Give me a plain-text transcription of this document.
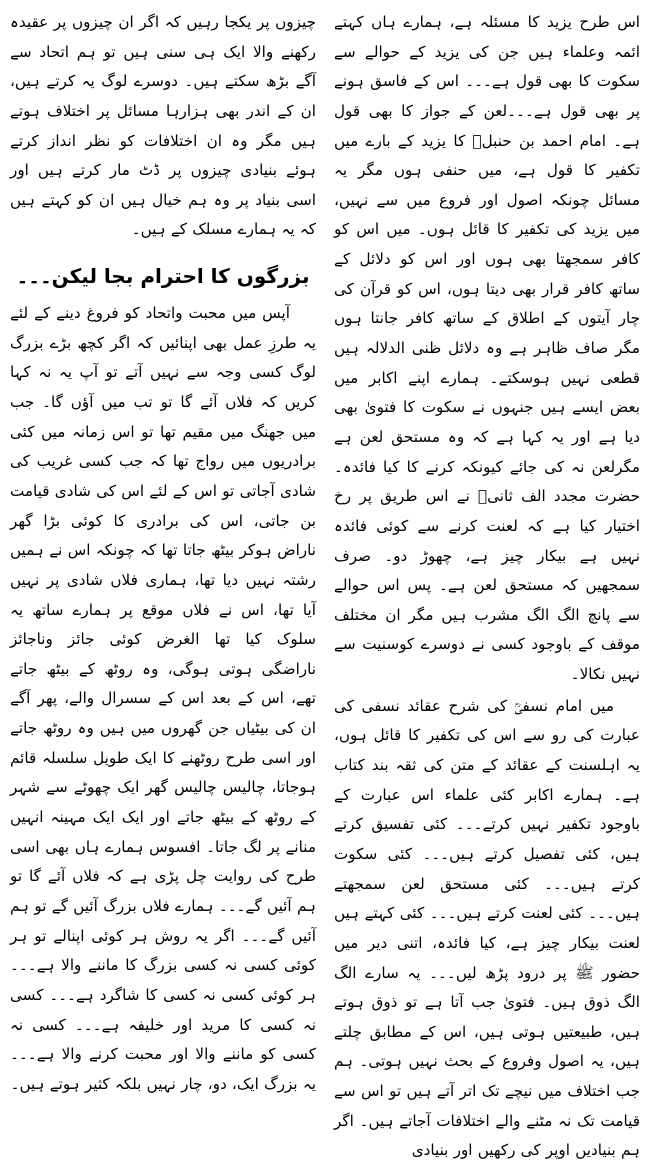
اس طرح یزید کا مسئلہ ہے، ہمارے ہاں کہتے ائمہ وعلماء ہیں جن کی یزید کے حوالے سے سکوت کا بھی قول ہے۔۔۔ اس کے فاسق ہونے پر بھی قول ہے۔۔۔لعن کے جواز کا بھی قول ہے۔ امام احمد بن حنبلؒ کا یزید کے بارے میں تکفیر کا قول ہے، میں حنفی ہوں مگر یہ مسائل چونکہ اصول اور فروع میں سے نہیں، میں یزید کی تکفیر کا قائل ہوں۔ میں اس کو کافر سمجھتا بھی ہوں اور اس کو دلائل کے ساتھ کافر قرار بھی دیتا ہوں، اس کو قرآن کی چار آیتوں کے اطلاق کے ساتھ کافر جانتا ہوں مگر صاف ظاہر ہے وہ دلائل ظنی الدلالہ ہیں قطعی نہیں ہوسکتے۔ ہمارے اپنے اکابر میں بعض ایسے ہیں جنہوں نے سکوت کا فتویٰ بھی دیا ہے اور یہ کہا ہے کہ وہ مستحق لعن ہے مگرلعن نہ کی جائے کیونکہ کرنے کا کیا فائدہ۔ حضرت مجدد الف ثانیؒ نے اس طریق پر رخ اختیار کیا ہے کہ لعنت کرنے سے کوئی فائدہ نہیں ہے بیکار چیز ہے، چھوڑ دو۔ صرف سمجھیں کہ مستحق لعن ہے۔ پس اس حوالے سے پانچ الگ الگ مشرب ہیں مگر ان مختلف موقف کے باوجود کسی نے دوسرے کوسنیت سے نہیں نکالا۔

میں امام نسفیؒ کی شرح عقائد نسفی کی عبارت کی رو سے اس کی تکفیر کا قائل ہوں، یہ اہلسنت کے عقائد کے متن کی ثقہ بند کتاب ہے۔ ہمارے اکابر کئی علماء اس عبارت کے باوجود تکفیر نہیں کرتے۔۔۔ کئی تفسیق کرتے ہیں، کئی تفصیل کرتے ہیں۔۔۔ کئی سکوت کرتے ہیں۔۔۔ کئی مستحق لعن سمجھتے ہیں۔۔۔ کئی لعنت کرتے ہیں۔۔۔ کئی کہتے ہیں لعنت بیکار چیز ہے، کیا فائدہ، اتنی دیر میں حضور ﷺ پر درود پڑھ لیں۔۔۔ یہ سارے الگ الگ ذوق ہیں۔ فتویٰ جب آتا ہے تو ذوق ہوتے ہیں، طبیعتیں ہوتی ہیں، اس کے مطابق چلتے ہیں، یہ اصول وفروع کے بحث نہیں ہوتی۔ ہم جب اختلاف میں نیچے تک اتر آتے ہیں تو اس سے قیامت تک نہ مٹنے والے اختلافات آجاتے ہیں۔ اگر ہم بنیادیں اوپر کی رکھیں اور بنیادی

چیزوں پر یکجا رہیں کہ اگر ان چیزوں پر عقیدہ رکھنے والا ایک ہی سنی ہیں تو ہم اتحاد سے آگے بڑھ سکتے ہیں۔ دوسرے لوگ یہ کرتے ہیں، ان کے اندر بھی ہزارہا مسائل پر اختلاف ہوتے ہیں مگر وہ ان اختلافات کو نظر انداز کرتے ہوئے بنیادی چیزوں پر ڈٹ مار کرتے ہیں اور اسی بنیاد پر وہ ہم خیال ہیں ان کو کہتے ہیں کہ یہ ہمارے مسلک کے ہیں۔

بزرگوں کا احترام بجا لیکن۔۔۔

آپس میں محبت واتحاد کو فروغ دینے کے لئے یہ طرزِ عمل بھی اپنائیں کہ اگر کچھ بڑے بزرگ لوگ کسی وجہ سے نہیں آتے تو آپ یہ نہ کہا کریں کہ فلاں آئے گا تو تب میں آؤں گا۔ جب میں جھنگ میں مقیم تھا تو اس زمانہ میں کئی برادریوں میں رواج تھا کہ جب کسی غریب کی شادی آجاتی تو اس کے لئے اس کی شادی قیامت بن جاتی، اس کی برادری کا کوئی بڑا گھر ناراض ہوکر بیٹھ جاتا تھا کہ چونکہ اس نے ہمیں رشتہ نہیں دیا تھا، ہماری فلاں شادی پر نہیں آیا تھا، اس نے فلاں موقع پر ہمارے ساتھ یہ سلوک کیا تھا الغرض کوئی جائز وناجائز ناراضگی ہوتی ہوگی، وہ روٹھ کے بیٹھ جاتے تھے، اس کے بعد اس کے سسرال والے، پھر آگے ان کی بیٹیاں جن گھروں میں ہیں وہ روٹھ جاتے اور اسی طرح روٹھنے کا ایک طویل سلسلہ قائم ہوجاتا، چالیس چالیس گھر ایک چھوٹے سے شہر کے روٹھ کے بیٹھ جاتے اور ایک ایک مہینہ انہیں منانے پر لگ جاتا۔ افسوس ہمارے ہاں بھی اسی طرح کی روایت چل پڑی ہے کہ فلاں آئے گا تو ہم آئیں گے۔۔۔ ہمارے فلاں بزرگ آئیں گے تو ہم آئیں گے۔۔۔ اگر یہ روش ہر کوئی اپنالے تو ہر کوئی کسی نہ کسی بزرگ کا ماننے والا ہے۔۔۔ ہر کوئی کسی نہ کسی کا شاگرد ہے۔۔۔ کسی نہ کسی کا مرید اور خلیفہ ہے۔۔۔ کسی نہ کسی کو ماننے والا اور محبت کرنے والا ہے۔۔۔ یہ بزرگ ایک، دو، چار نہیں بلکہ کثیر ہوتے ہیں۔
